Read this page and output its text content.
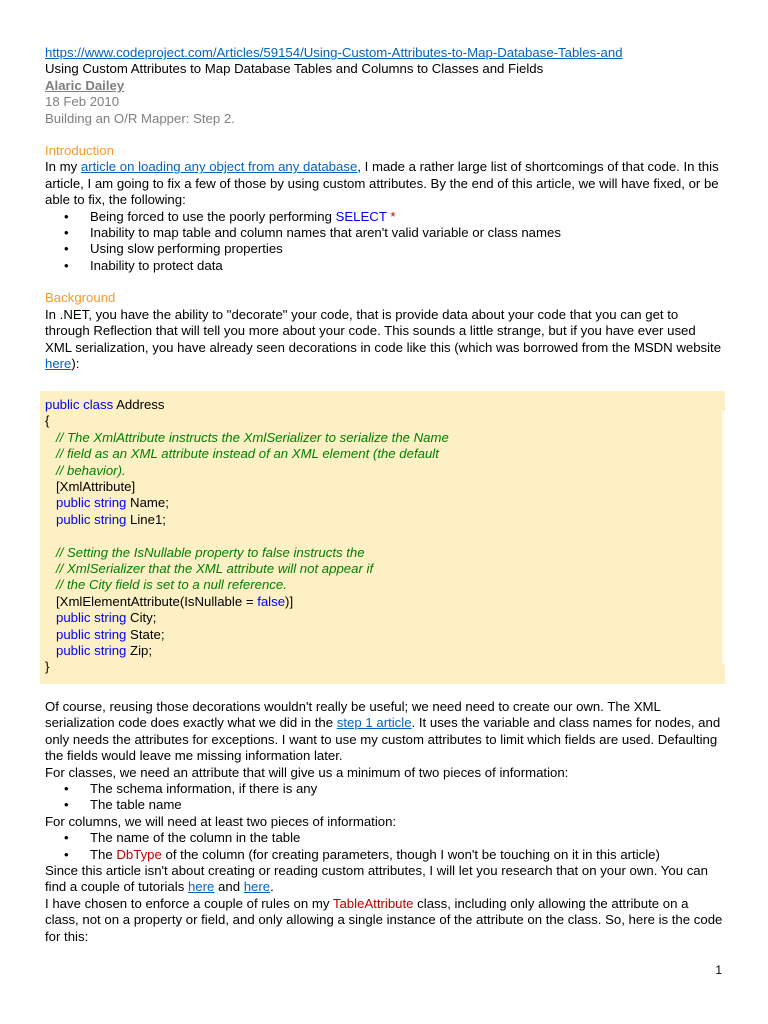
https://www.codeproject.com/Articles/59154/Using-Custom-Attributes-to-Map-Database-Tables-and
Using Custom Attributes to Map Database Tables and Columns to Classes and Fields
Alaric Dailey
18 Feb 2010
Building an O/R Mapper: Step 2.
Introduction

In my article on loading any object from any database, I made a rather large list of shortcomings of that code. In this article, I am going to fix a few of those by using custom attributes. By the end of this article, we will have fixed, or be able to fix, the following:

• Being forced to use the poorly performing SELECT *
• Inability to map table and column names that aren't valid variable or class names
• Using slow performing properties
• Inability to protect data
Background

In .NET, you have the ability to "decorate" your code, that is provide data about your code that you can get to through Reflection that will tell you more about your code. This sounds a little strange, but if you have ever used XML serialization, you have already seen decorations in code like this (which was borrowed from the MSDN website here):

public class Address
{
// The XmlAttribute instructs the XmlSerializer to serialize the Name
// field as an XML attribute instead of an XML element (the default
// behavior).
[XmlAttribute]
public string Name;
public string Line1;
// Setting the IsNullable property to false instructs the
// XmlSerializer that the XML attribute will not appear if
// the City field is set to a null reference.
[XmlElementAttribute(IsNullable = false)]
public string City;
public string State;
public string Zip;
}

Of course, reusing those decorations wouldn't really be useful; we need need to create our own. The XML serialization code does exactly what we did in the step 1 article. It uses the variable and class names for nodes, and only needs the attributes for exceptions. I want to use my custom attributes to limit which fields are used. Defaulting the fields would leave me missing information later.

For classes, we need an attribute that will give us a minimum of two pieces of information:

• The schema information, if there is any
• The table name

For columns, we will need at least two pieces of information:

• The name of the column in the table
• The DbType of the column (for creating parameters, though I won't be touching on it in this article)

Since this article isn't about creating or reading custom attributes, I will let you research that on your own. You can find a couple of tutorials here and here.

I have chosen to enforce a couple of rules on my TableAttribute class, including only allowing the attribute on a class, not on a property or field, and only allowing a single instance of the attribute on the class. So, here is the code for this:

1
